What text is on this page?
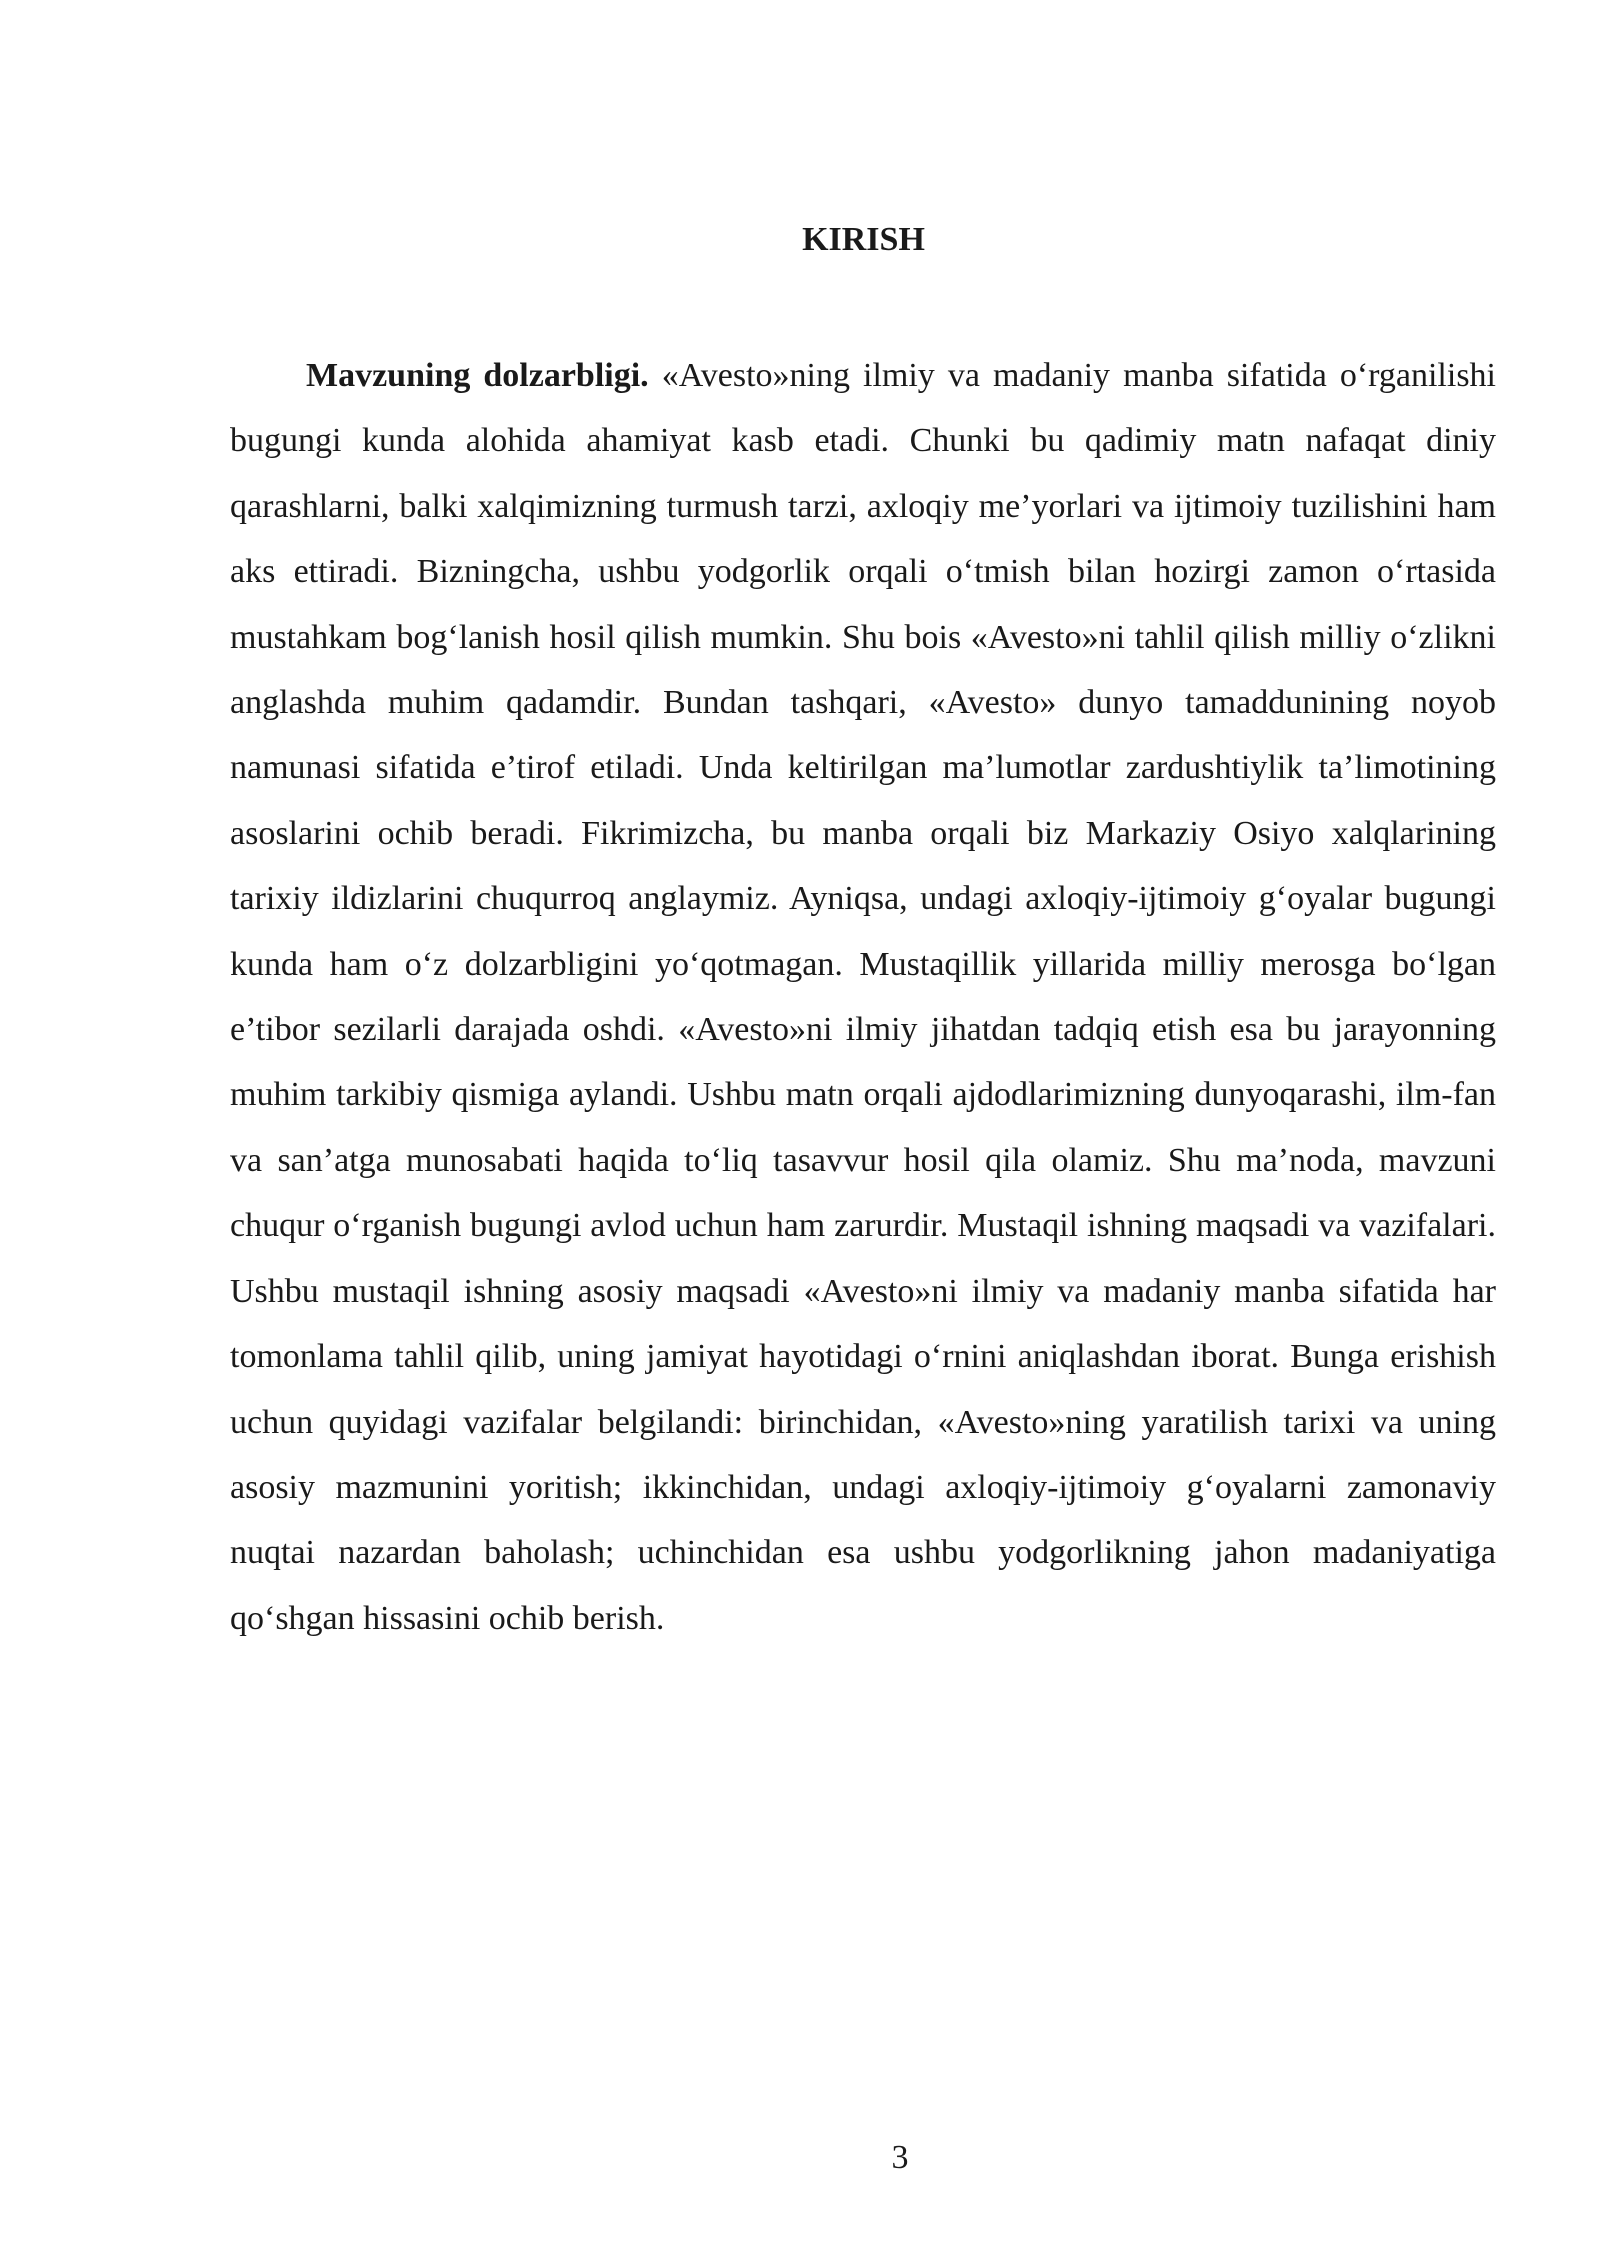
KIRISH

Mavzuning dolzarbligi. «Avesto»ning ilmiy va madaniy manba sifatida o‘rganilishi bugungi kunda alohida ahamiyat kasb etadi. Chunki bu qadimiy matn nafaqat diniy qarashlarni, balki xalqimizning turmush tarzi, axloqiy me’yorlari va ijtimoiy tuzilishini ham aks ettiradi. Bizningcha, ushbu yodgorlik orqali o‘tmish bilan hozirgi zamon o‘rtasida mustahkam bog‘lanish hosil qilish mumkin. Shu bois «Avesto»ni tahlil qilish milliy o‘zlikni anglashda muhim qadamdir. Bundan tashqari, «Avesto» dunyo tamaddunining noyob namunasi sifatida e’tirof etiladi. Unda keltirilgan ma’lumotlar zardushtiylik ta’limotining asoslarini ochib beradi. Fikrimizcha, bu manba orqali biz Markaziy Osiyo xalqlarining tarixiy ildizlarini chuqurroq anglaymiz. Ayniqsa, undagi axloqiy-ijtimoiy g‘oyalar bugungi kunda ham o‘z dolzarbligini yo‘qotmagan. Mustaqillik yillarida milliy merosga bo‘lgan e’tibor sezilarli darajada oshdi. «Avesto»ni ilmiy jihatdan tadqiq etish esa bu jarayonning muhim tarkibiy qismiga aylandi. Ushbu matn orqali ajdodlarimizning dunyoqarashi, ilm-fan va san’atga munosabati haqida to‘liq tasavvur hosil qila olamiz. Shu ma’noda, mavzuni chuqur o‘rganish bugungi avlod uchun ham zarurdir. Mustaqil ishning maqsadi va vazifalari. Ushbu mustaqil ishning asosiy maqsadi «Avesto»ni ilmiy va madaniy manba sifatida har tomonlama tahlil qilib, uning jamiyat hayotidagi o‘rnini aniqlashdan iborat. Bunga erishish uchun quyidagi vazifalar belgilandi: birinchidan, «Avesto»ning yaratilish tarixi va uning asosiy mazmunini yoritish; ikkinchidan, undagi axloqiy-ijtimoiy g‘oyalarni zamonaviy nuqtai nazardan baholash; uchinchidan esa ushbu yodgorlikning jahon madaniyatiga qo‘shgan hissasini ochib berish.

3
